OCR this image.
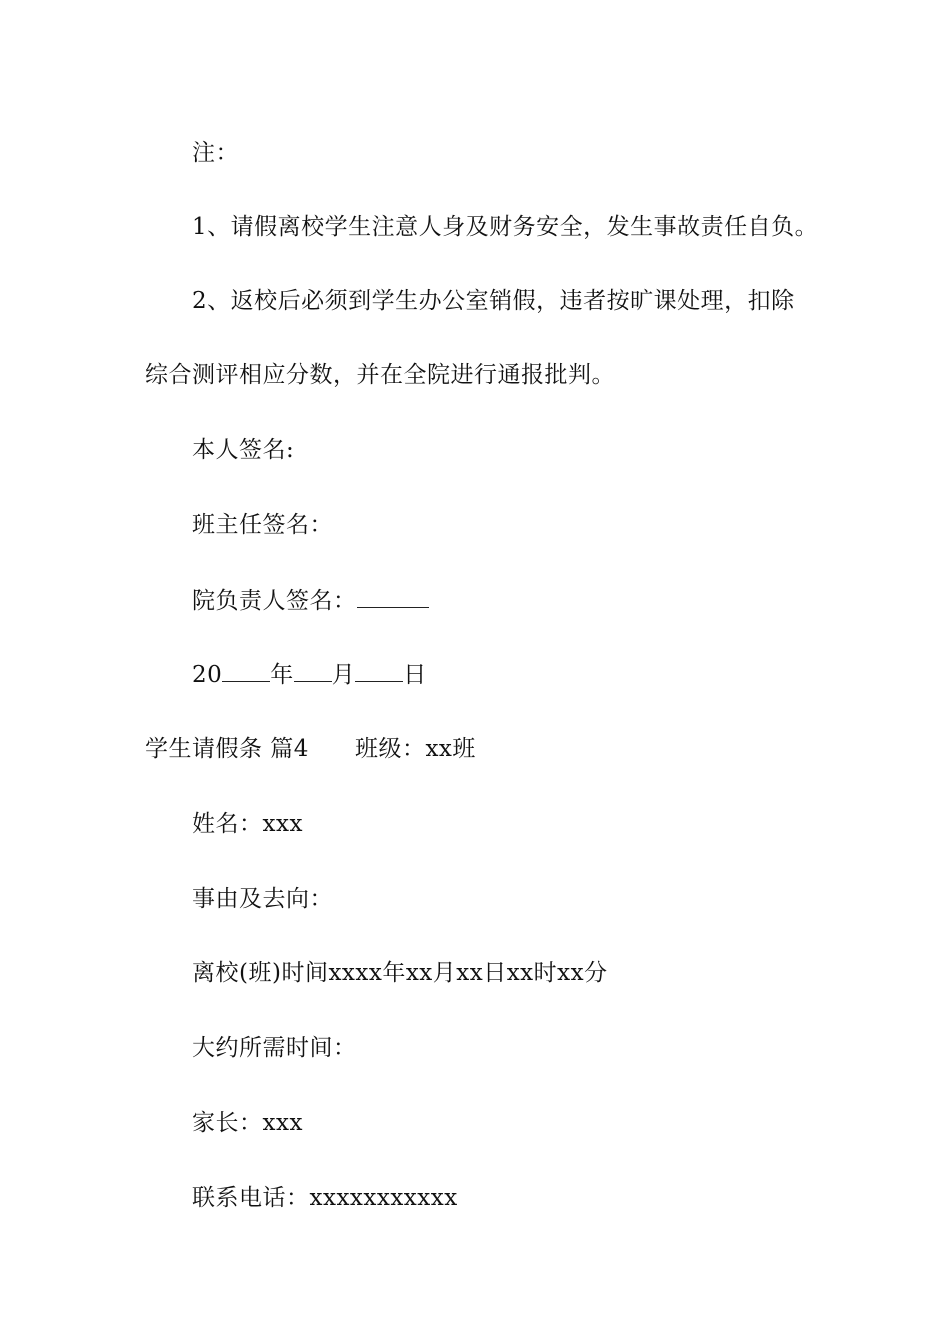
注：
1、请假离校学生注意人身及财务安全，发生事故责任自负。
2、返校后必须到学生办公室销假，违者按旷课处理，扣除
综合测评相应分数，并在全院进行通报批判。
本人签名:
班主任签名：
院负责人签名：
20 年 月 日
学生请假条 篇4 班级：xx班
姓名：xxx
事由及去向：
离校(班)时间xxxx年xx月xx日xx时xx分
大约所需时间：
家长：xxx
联系电话：xxxxxxxxxxx
